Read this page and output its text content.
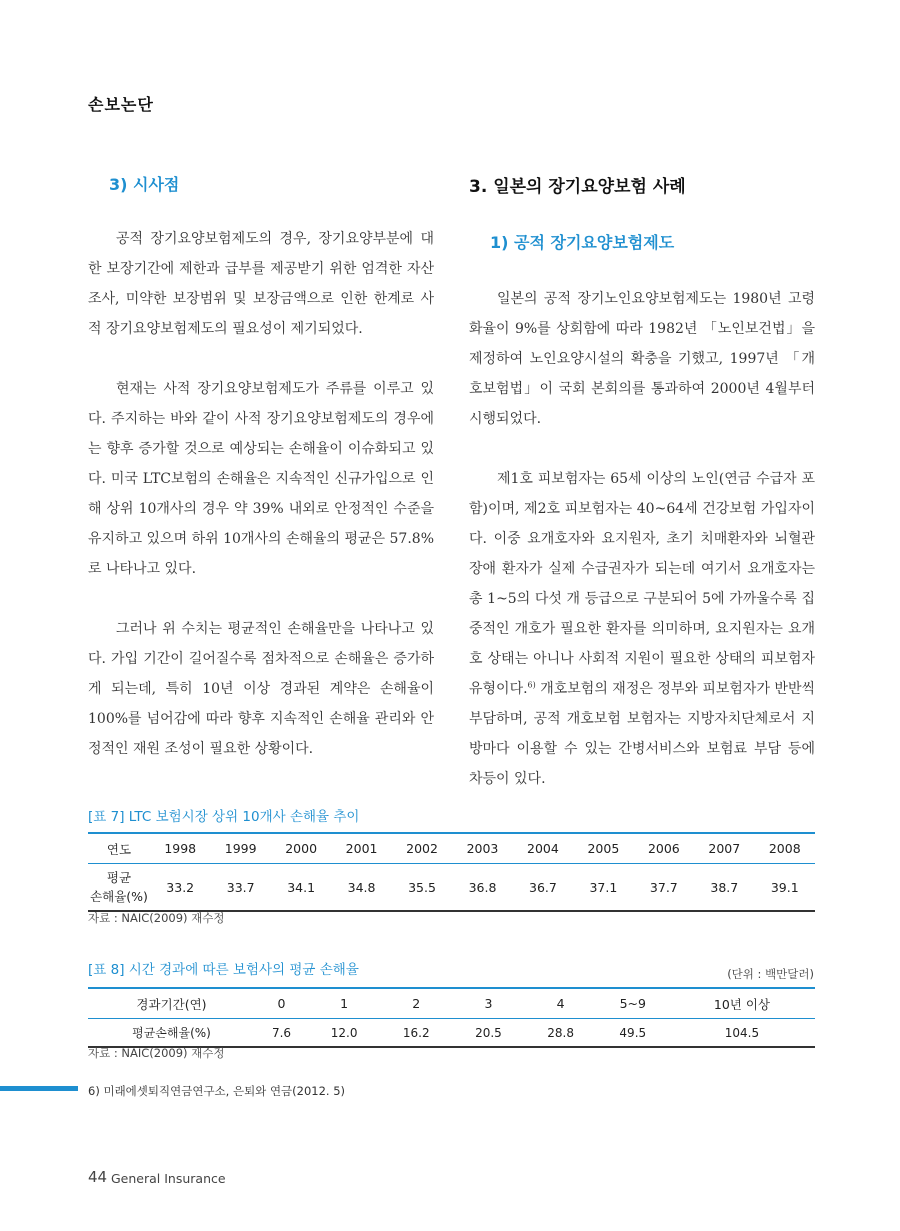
손보논단
3) 시사점

공적 장기요양보험제도의 경우, 장기요양부분에 대한 보장기간에 제한과 급부를 제공받기 위한 엄격한 자산조사, 미약한 보장범위 및 보장금액으로 인한 한계로 사적 장기요양보험제도의 필요성이 제기되었다.

현재는 사적 장기요양보험제도가 주류를 이루고 있다. 주지하는 바와 같이 사적 장기요양보험제도의 경우에는 향후 증가할 것으로 예상되는 손해율이 이슈화되고 있다. 미국 LTC보험의 손해율은 지속적인 신규가입으로 인해 상위 10개사의 경우 약 39% 내외로 안정적인 수준을 유지하고 있으며 하위 10개사의 손해율의 평균은 57.8%로 나타나고 있다.

그러나 위 수치는 평균적인 손해율만을 나타나고 있다. 가입 기간이 길어질수록 점차적으로 손해율은 증가하게 되는데, 특히 10년 이상 경과된 계약은 손해율이 100%를 넘어감에 따라 향후 지속적인 손해율 관리와 안정적인 재원 조성이 필요한 상황이다.

3. 일본의 장기요양보험 사례
1) 공적 장기요양보험제도

일본의 공적 장기노인요양보험제도는 1980년 고령화율이 9%를 상회함에 따라 1982년 「노인보건법」을 제정하여 노인요양시설의 확충을 기했고, 1997년 「개호보험법」이 국회 본회의를 통과하여 2000년 4월부터 시행되었다.

제1호 피보험자는 65세 이상의 노인(연금 수급자 포함)이며, 제2호 피보험자는 40~64세 건강보험 가입자이다. 이중 요개호자와 요지원자, 초기 치매환자와 뇌혈관장애 환자가 실제 수급권자가 되는데 여기서 요개호자는 총 1~5의 다섯 개 등급으로 구분되어 5에 가까울수록 집중적인 개호가 필요한 환자를 의미하며, 요지원자는 요개호 상태는 아니나 사회적 지원이 필요한 상태의 피보험자 유형이다.$^{6)}$ 개호보험의 재정은 정부와 피보험자가 반반씩 부담하며, 공적 개호보험 보험자는 지방자치단체로서 지방마다 이용할 수 있는 간병서비스와 보험료 부담 등에 차등이 있다.

[표 7] LTC 보험시장 상위 10개사 손해율 추이
연도	1998	1999	2000	2001	2002	2003	2004	2005	2006	2007	2008
평균
손해율(%)	33.2	33.7	34.1	34.8	35.5	36.8	36.7	37.1	37.7	38.7	39.1
자료 : NAIC(2009) 재수정
[표 8] 시간 경과에 따른 보험사의 평균 손해율	(단위 : 백만달러)
경과기간(연)	0	1	2	3	4	5~9	10년 이상
평균손해율(%)	7.6	12.0	16.2	20.5	28.8	49.5	104.5
자료 : NAIC(2009) 재수정
6) 미래에셋퇴직연금연구소, 은퇴와 연금(2012. 5)
44 General Insurance
